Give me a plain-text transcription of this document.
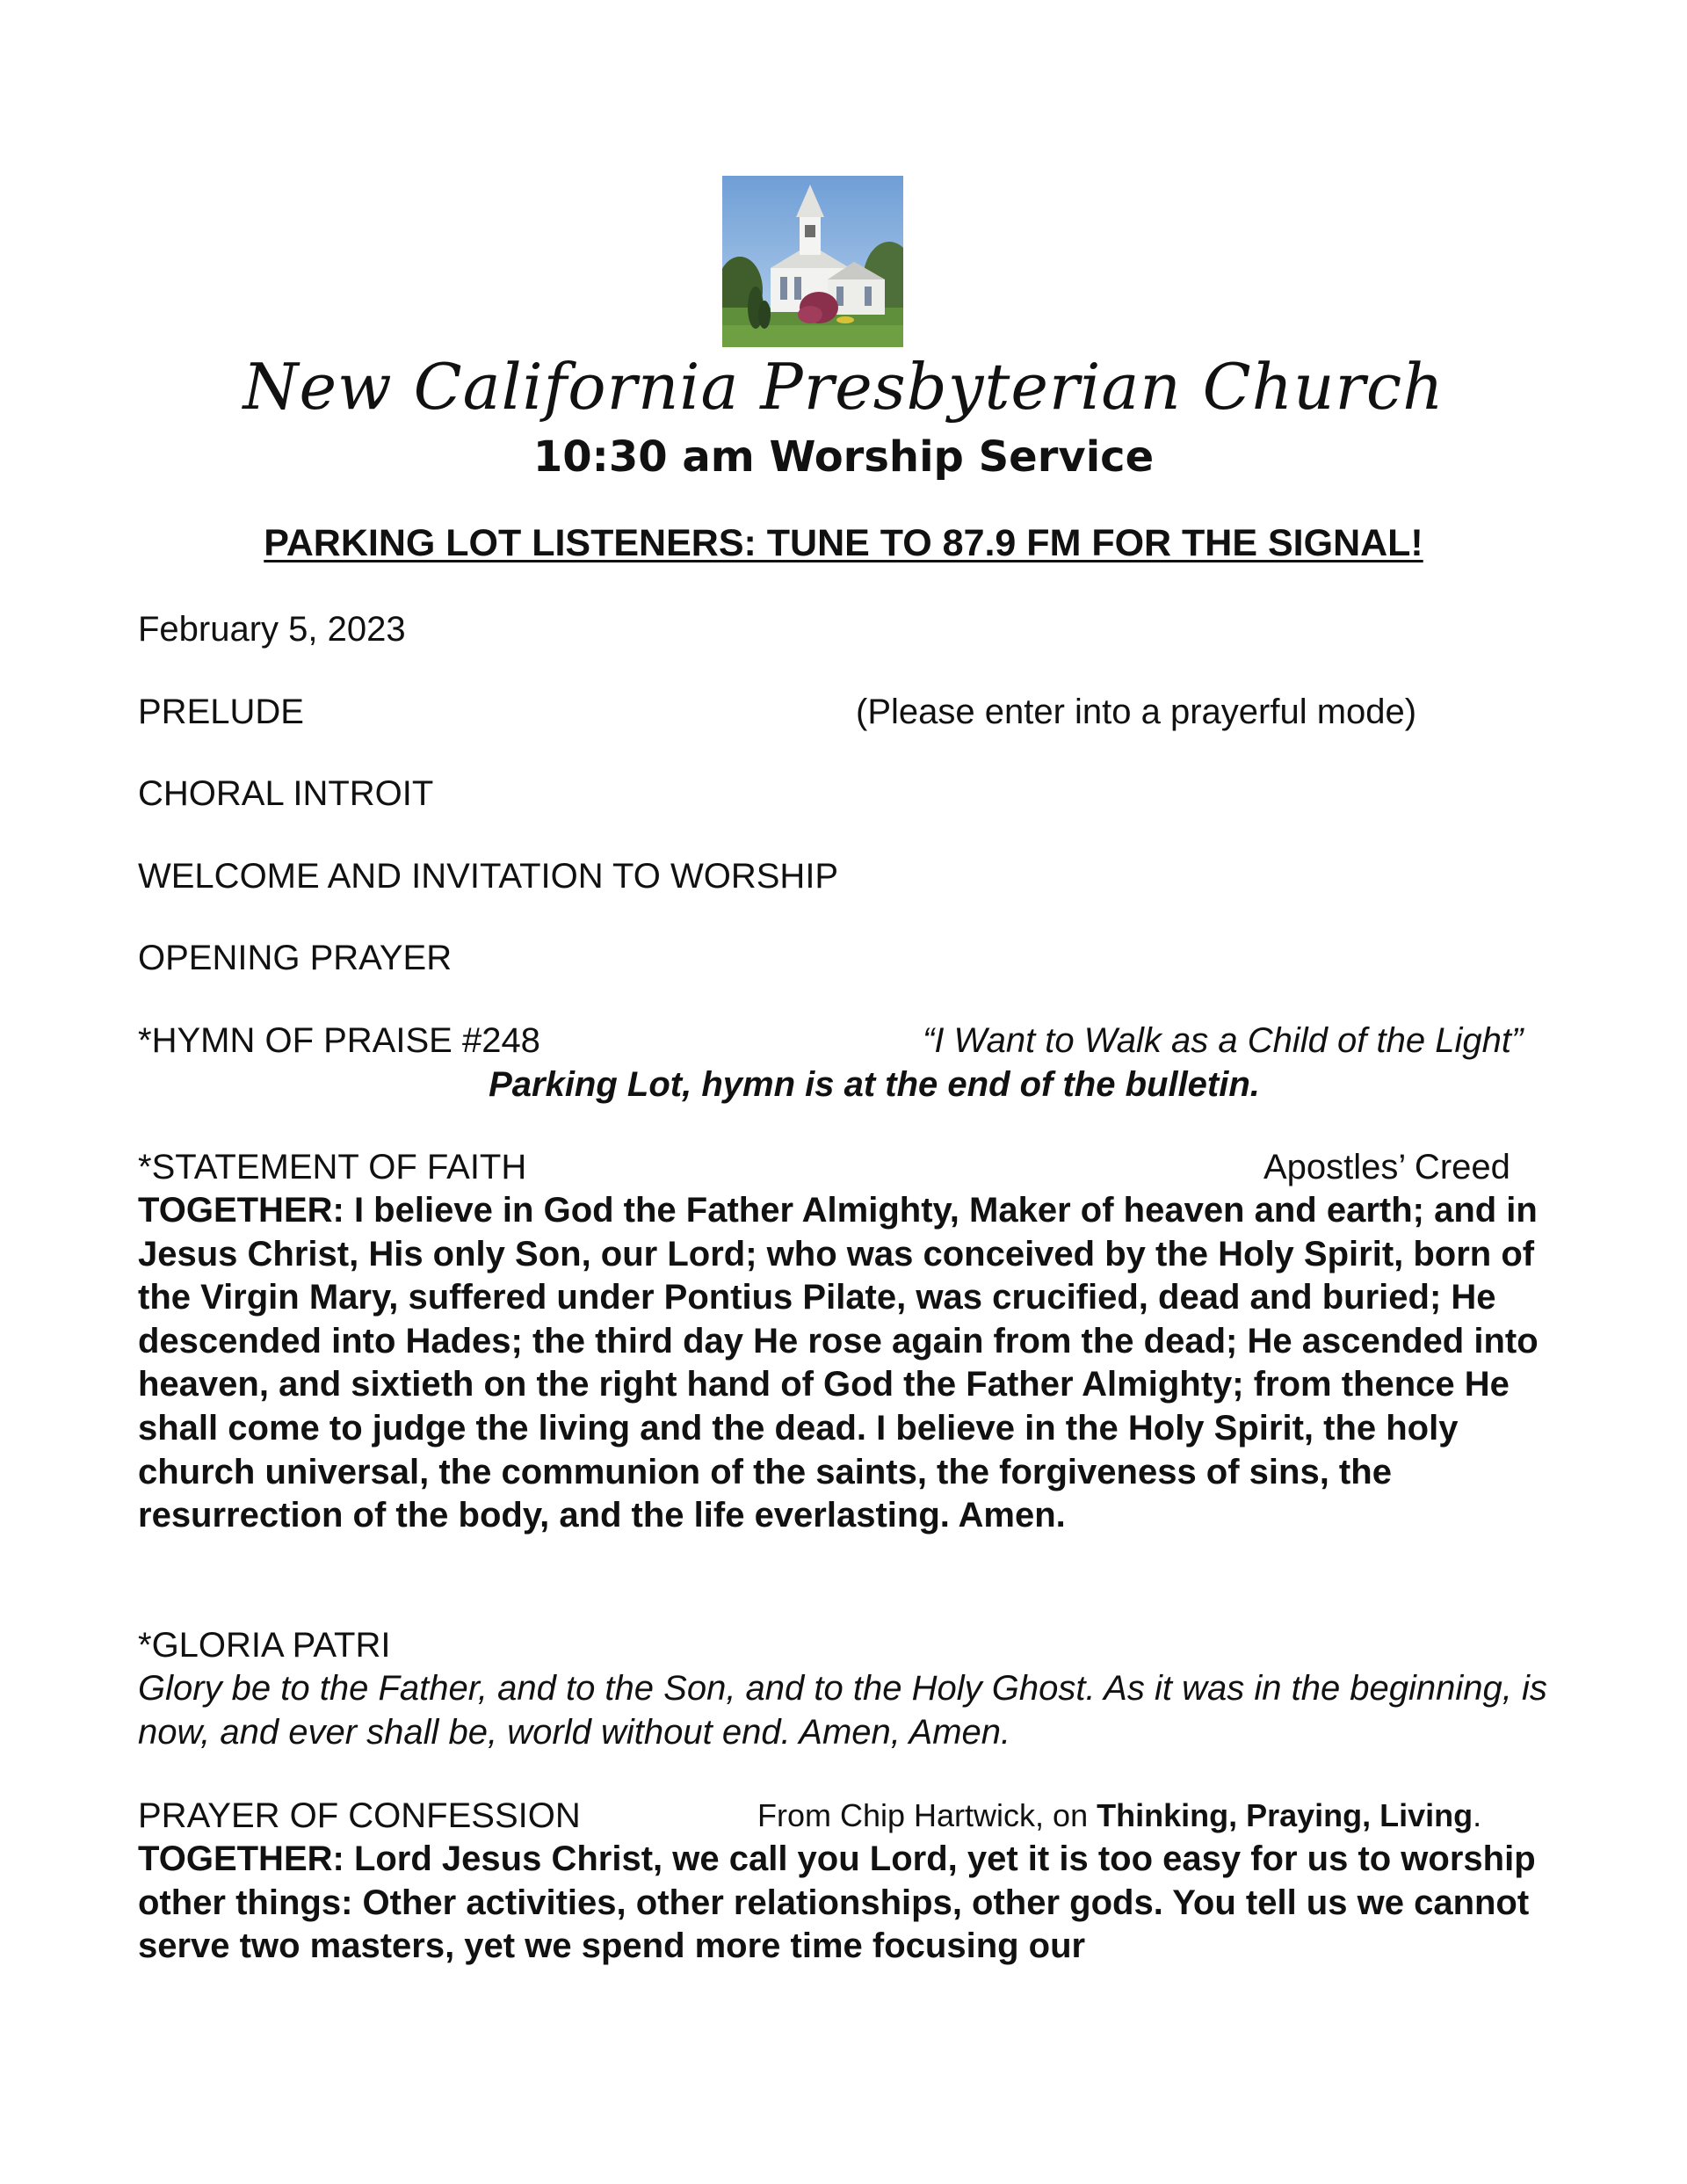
New California Presbyterian Church
10:30 am Worship Service
PARKING LOT LISTENERS: TUNE TO 87.9 FM FOR THE SIGNAL!
February 5, 2023
PRELUDE	(Please enter into a prayerful mode)
CHORAL INTROIT
WELCOME AND INVITATION TO WORSHIP
OPENING PRAYER
*HYMN OF PRAISE #248	“I Want to Walk as a Child of the Light”
Parking Lot, hymn is at the end of the bulletin.
*STATEMENT OF FAITH	Apostles’ Creed
TOGETHER: I believe in God the Father Almighty, Maker of heaven and earth; and in Jesus Christ, His only Son, our Lord; who was conceived by the Holy Spirit, born of the Virgin Mary, suffered under Pontius Pilate, was crucified, dead and buried; He descended into Hades; the third day He rose again from the dead; He ascended into heaven, and sixtieth on the right hand of God the Father Almighty; from thence He shall come to judge the living and the dead. I believe in the Holy Spirit, the holy church universal, the communion of the saints, the forgiveness of sins, the resurrection of the body, and the life everlasting. Amen.
*GLORIA PATRI
Glory be to the Father, and to the Son, and to the Holy Ghost. As it was in the beginning, is now, and ever shall be, world without end. Amen, Amen.
PRAYER OF CONFESSION	From Chip Hartwick, on Thinking, Praying, Living.
TOGETHER: Lord Jesus Christ, we call you Lord, yet it is too easy for us to worship other things: Other activities, other relationships, other gods. You tell us we cannot serve two masters, yet we spend more time focusing our
